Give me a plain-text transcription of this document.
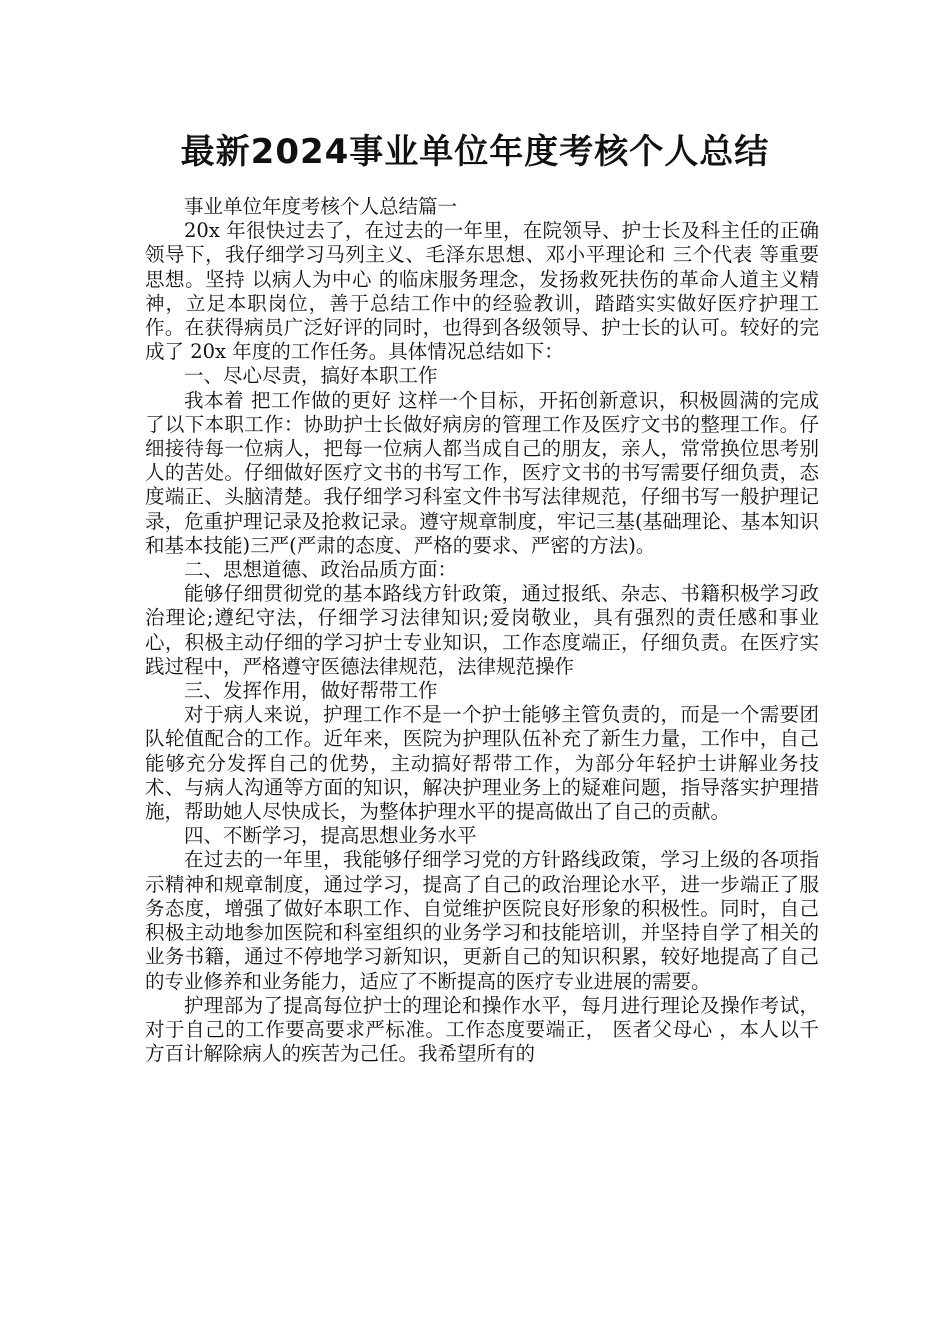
最新2024事业单位年度考核个人总结

事业单位年度考核个人总结篇一

20x 年很快过去了，在过去的一年里，在院领导、护士长及科主任的正确领导下，我仔细学习马列主义、毛泽东思想、邓小平理论和 三个代表 等重要思想。坚持 以病人为中心 的临床服务理念，发扬救死扶伤的革命人道主义精神，立足本职岗位，善于总结工作中的经验教训，踏踏实实做好医疗护理工作。在获得病员广泛好评的同时，也得到各级领导、护士长的认可。较好的完成了 20x 年度的工作任务。具体情况总结如下：

一、尽心尽责，搞好本职工作

我本着 把工作做的更好 这样一个目标，开拓创新意识，积极圆满的完成了以下本职工作：协助护士长做好病房的管理工作及医疗文书的整理工作。仔细接待每一位病人，把每一位病人都当成自己的朋友，亲人，常常换位思考别人的苦处。仔细做好医疗文书的书写工作，医疗文书的书写需要仔细负责，态度端正、头脑清楚。我仔细学习科室文件书写法律规范，仔细书写一般护理记录，危重护理记录及抢救记录。遵守规章制度，牢记三基(基础理论、基本知识和基本技能)三严(严肃的态度、严格的要求、严密的方法)。

二、思想道德、政治品质方面：

能够仔细贯彻党的基本路线方针政策，通过报纸、杂志、书籍积极学习政治理论;遵纪守法，仔细学习法律知识;爱岗敬业，具有强烈的责任感和事业心，积极主动仔细的学习护士专业知识，工作态度端正，仔细负责。在医疗实践过程中，严格遵守医德法律规范，法律规范操作

三、发挥作用，做好帮带工作

对于病人来说，护理工作不是一个护士能够主管负责的，而是一个需要团队轮值配合的工作。近年来，医院为护理队伍补充了新生力量，工作中，自己能够充分发挥自己的优势，主动搞好帮带工作，为部分年轻护士讲解业务技术、与病人沟通等方面的知识，解决护理业务上的疑难问题，指导落实护理措施，帮助她人尽快成长，为整体护理水平的提高做出了自己的贡献。

四、不断学习，提高思想业务水平

在过去的一年里，我能够仔细学习党的方针路线政策，学习上级的各项指示精神和规章制度，通过学习，提高了自己的政治理论水平，进一步端正了服务态度，增强了做好本职工作、自觉维护医院良好形象的积极性。同时，自己积极主动地参加医院和科室组织的业务学习和技能培训，并坚持自学了相关的业务书籍，通过不停地学习新知识，更新自己的知识积累，较好地提高了自己的专业修养和业务能力，适应了不断提高的医疗专业进展的需要。

护理部为了提高每位护士的理论和操作水平，每月进行理论及操作考试，对于自己的工作要高要求严标准。工作态度要端正， 医者父母心 ，本人以千方百计解除病人的疾苦为己任。我希望所有的
